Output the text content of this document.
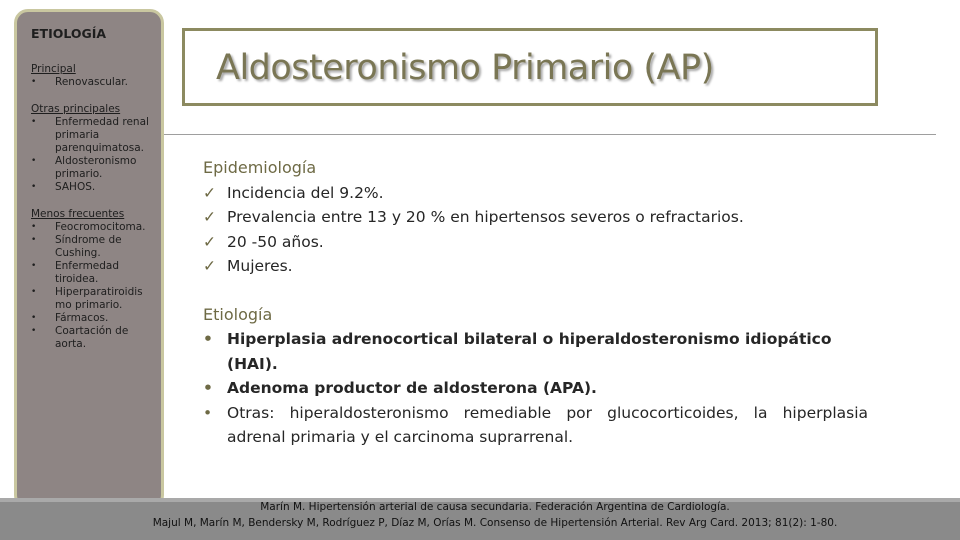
ETIOLOGÍA
Principal
• Renovascular.
Otras principales
• Enfermedad renal primaria parenquimatosa.
• Aldosteronismo primario.
• SAHOS.
Menos frecuentes
• Feocromocitoma.
• Síndrome de Cushing.
• Enfermedad tiroidea.
• Hiperparatiroidis mo primario.
• Fármacos.
• Coartación de aorta.
Aldosteronismo Primario (AP)
Epidemiología
✓ Incidencia del 9.2%.
✓ Prevalencia entre 13 y 20 % en hipertensos severos o refractarios.
✓ 20 -50 años.
✓ Mujeres.
Etiología
• Hiperplasia adrenocortical bilateral o hiperaldosteronismo idiopático (HAI).
• Adenoma productor de aldosterona (APA).
• Otras: hiperaldosteronismo remediable por glucocorticoides, la hiperplasia adrenal primaria y el carcinoma suprarrenal.
Marín M. Hipertensión arterial de causa secundaria. Federación Argentina de Cardiología.
Majul M, Marín M, Bendersky M, Rodríguez P, Díaz M, Orías M. Consenso de Hipertensión Arterial. Rev Arg Card. 2013; 81(2): 1-80.
